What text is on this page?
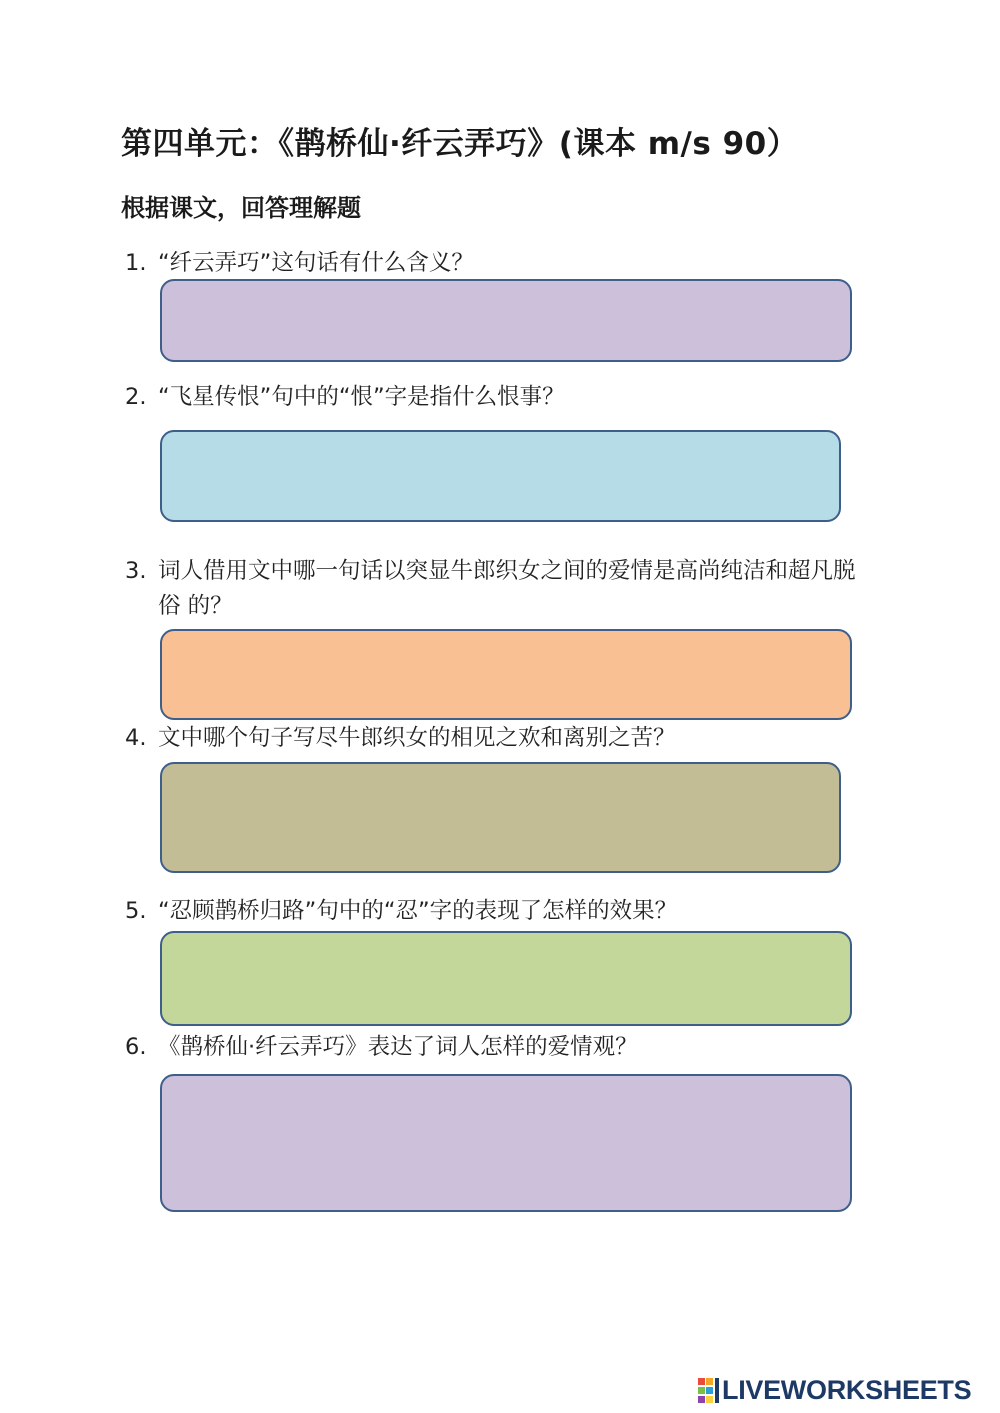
第四单元：《鹊桥仙·纤云弄巧》(课本 m/s 90）
根据课文，回答理解题
1. “纤云弄巧”这句话有什么含义？
2. “飞星传恨”句中的“恨”字是指什么恨事？
3. 词人借用文中哪一句话以突显牛郎织女之间的爱情是高尚纯洁和超凡脱俗 的？
4. 文中哪个句子写尽牛郎织女的相见之欢和离别之苦？
5. “忍顾鹊桥归路”句中的“忍”字的表现了怎样的效果？
6. 《鹊桥仙·纤云弄巧》表达了词人怎样的爱情观？
LIVEWORKSHEETS
